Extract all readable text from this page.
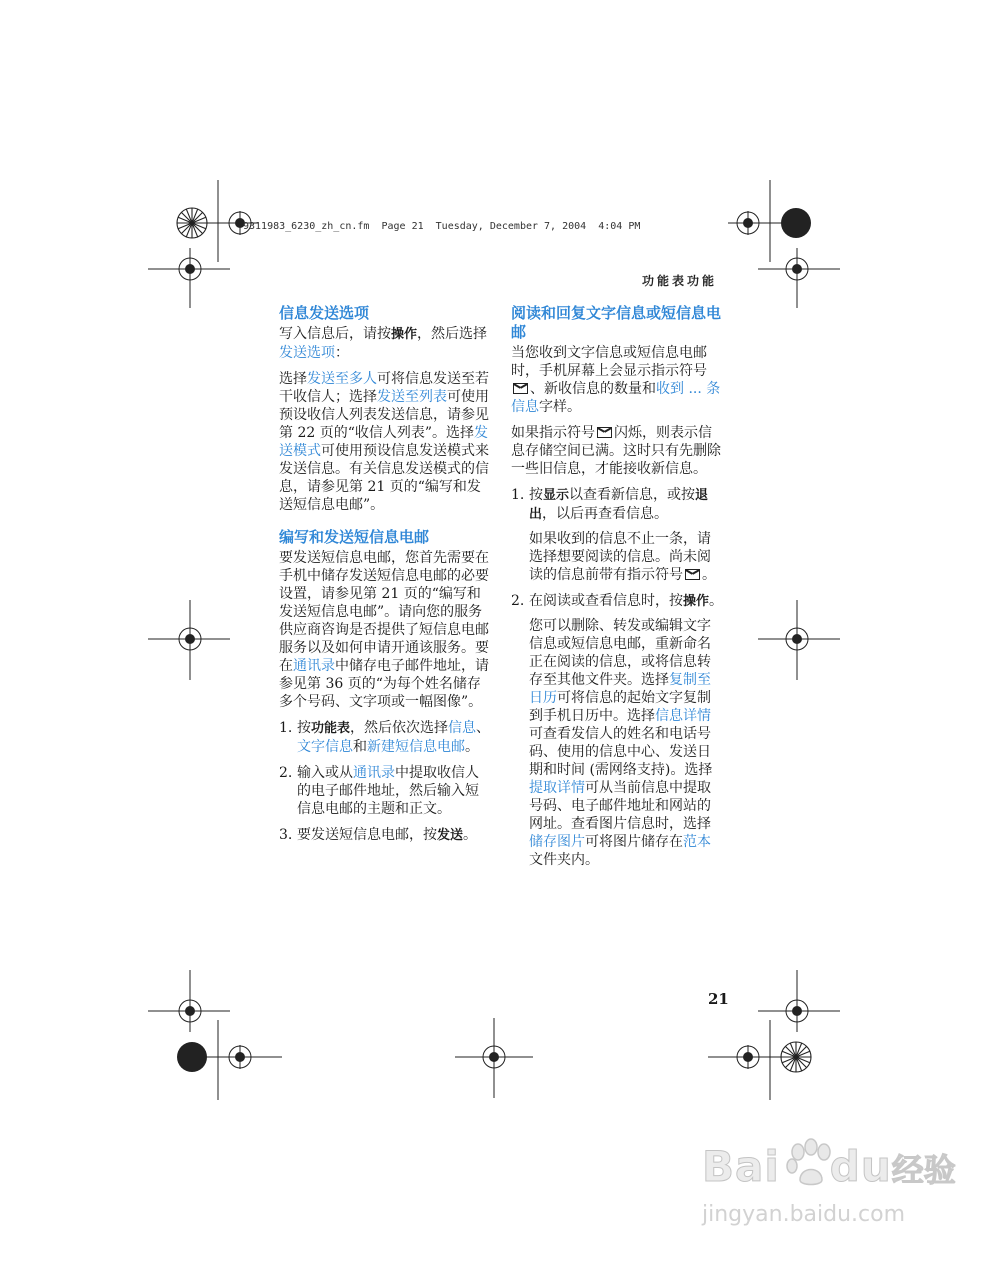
9311983_6230_zh_cn.fm  Page 21  Tuesday, December 7, 2004  4:04 PM
功能表功能
信息发送选项

写入信息后，请按操作，然后选择发送选项：

选择发送至多人可将信息发送至若干收信人；选择发送至列表可使用预设收信人列表发送信息，请参见第 22 页的“收信人列表”。选择发送模式可使用预设信息发送模式来发送信息。有关信息发送模式的信息，请参见第 21 页的“编写和发送短信息电邮”。

编写和发送短信息电邮

要发送短信息电邮，您首先需要在手机中储存发送短信息电邮的必要设置，请参见第 21 页的“编写和发送短信息电邮”。请向您的服务供应商咨询是否提供了短信息电邮服务以及如何申请开通该服务。要在通讯录中储存电子邮件地址，请参见第 36 页的“为每个姓名储存多个号码、文字项或一幅图像”。

1. 按功能表，然后依次选择信息、文字信息和新建短信息电邮。
2. 输入或从通讯录中提取收信人的电子邮件地址，然后输入短信息电邮的主题和正文。
3. 要发送短信息电邮，按发送。
阅读和回复文字信息或短信息电邮

当您收到文字信息或短信息电邮时，手机屏幕上会显示指示符号、新收信息的数量和收到 ... 条信息字样。

如果指示符号 闪烁，则表示信息存储空间已满。这时只有先删除一些旧信息，才能接收新信息。

1. 按显示以查看新信息，或按退出，以后再查看信息。

如果收到的信息不止一条，请选择想要阅读的信息。尚未阅读的信息前带有指示符号 。

2. 在阅读或查看信息时，按操作。

您可以删除、转发或编辑文字信息或短信息电邮，重新命名正在阅读的信息，或将信息转存至其他文件夹。选择复制至日历可将信息的起始文字复制到手机日历中。选择信息详情可查看发信人的姓名和电话号码、使用的信息中心、发送日期和时间 (需网络支持)。选择提取详情可从当前信息中提取号码、电子邮件地址和网站的网址。查看图片信息时，选择储存图片可将图片储存在范本文件夹内。

21
Bai du经验
jingyan.baidu.com
